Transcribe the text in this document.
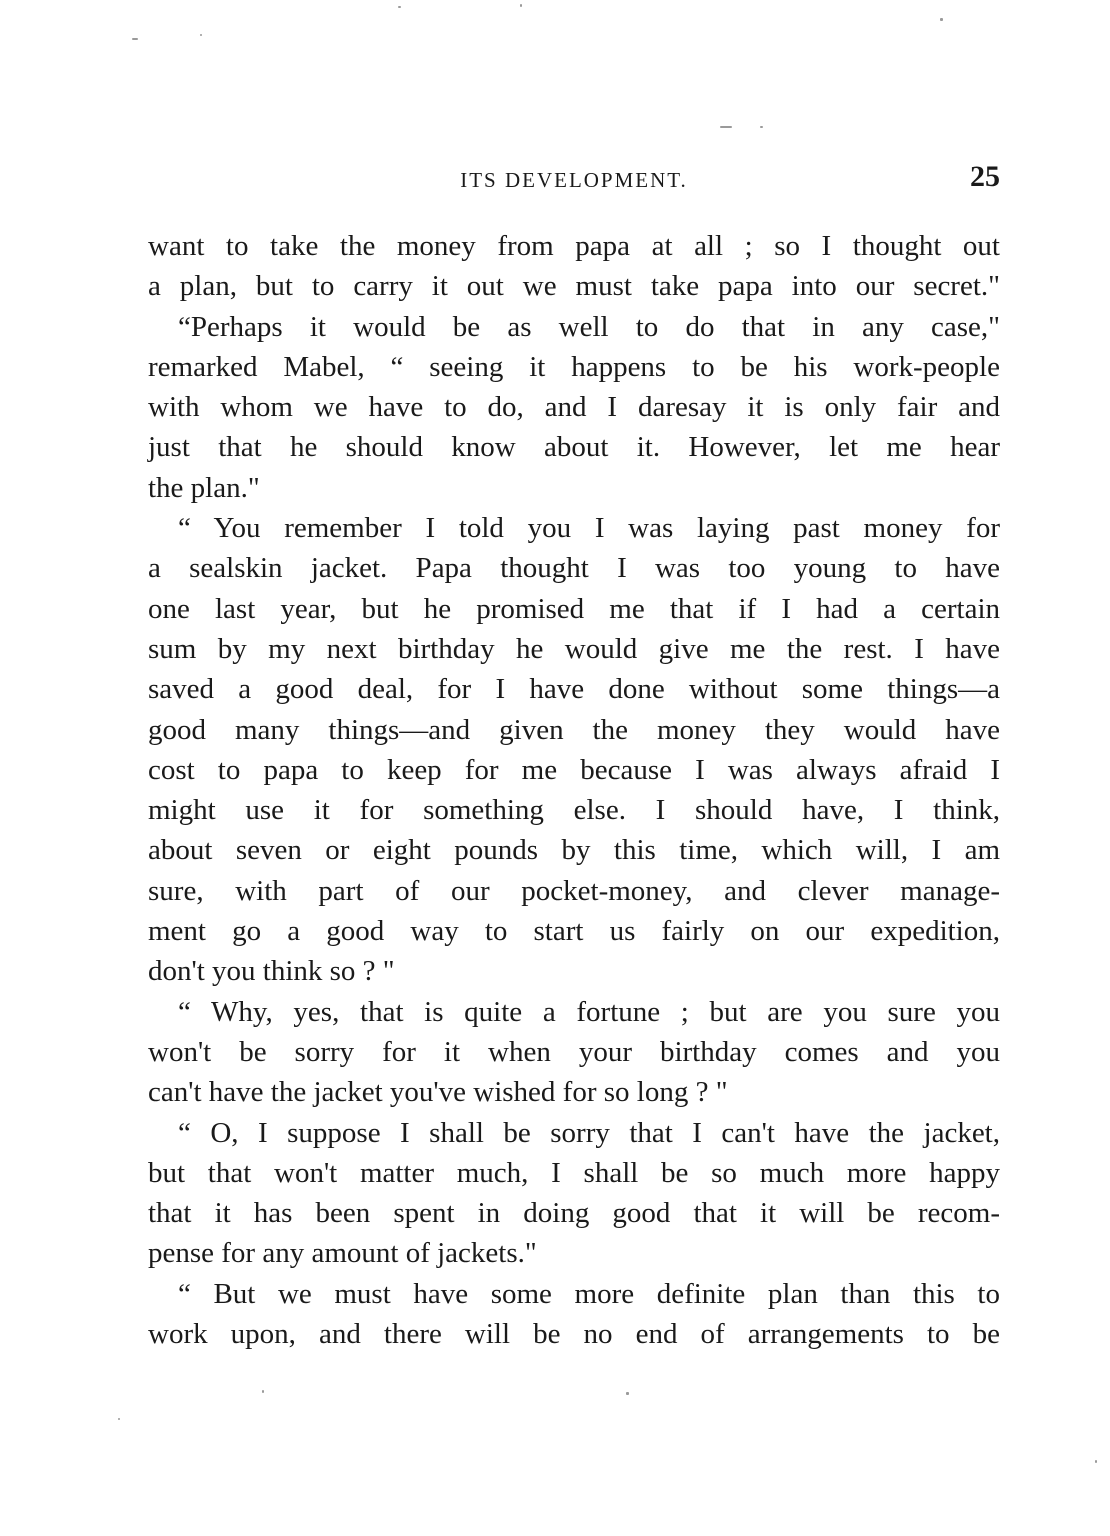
ITS DEVELOPMENT.	25
want to take the money from papa at all ; so I thought out
a plan, but to carry it out we must take papa into our secret."
“Perhaps it would be as well to do that in any case,"
remarked Mabel, “ seeing it happens to be his work-people
with whom we have to do, and I daresay it is only fair and
just that he should know about it. However, let me hear
the plan."
“ You remember I told you I was laying past money for
a sealskin jacket. Papa thought I was too young to have
one last year, but he promised me that if I had a certain
sum by my next birthday he would give me the rest. I have
saved a good deal, for I have done without some things—a
good many things—and given the money they would have
cost to papa to keep for me because I was always afraid I
might use it for something else. I should have, I think,
about seven or eight pounds by this time, which will, I am
sure, with part of our pocket-money, and clever manage-
ment go a good way to start us fairly on our expedition,
don't you think so ? "
“ Why, yes, that is quite a fortune ; but are you sure you
won't be sorry for it when your birthday comes and you
can't have the jacket you've wished for so long ? "
“ O, I suppose I shall be sorry that I can't have the jacket,
but that won't matter much, I shall be so much more happy
that it has been spent in doing good that it will be recom-
pense for any amount of jackets."
“ But we must have some more definite plan than this to
work upon, and there will be no end of arrangements to be
